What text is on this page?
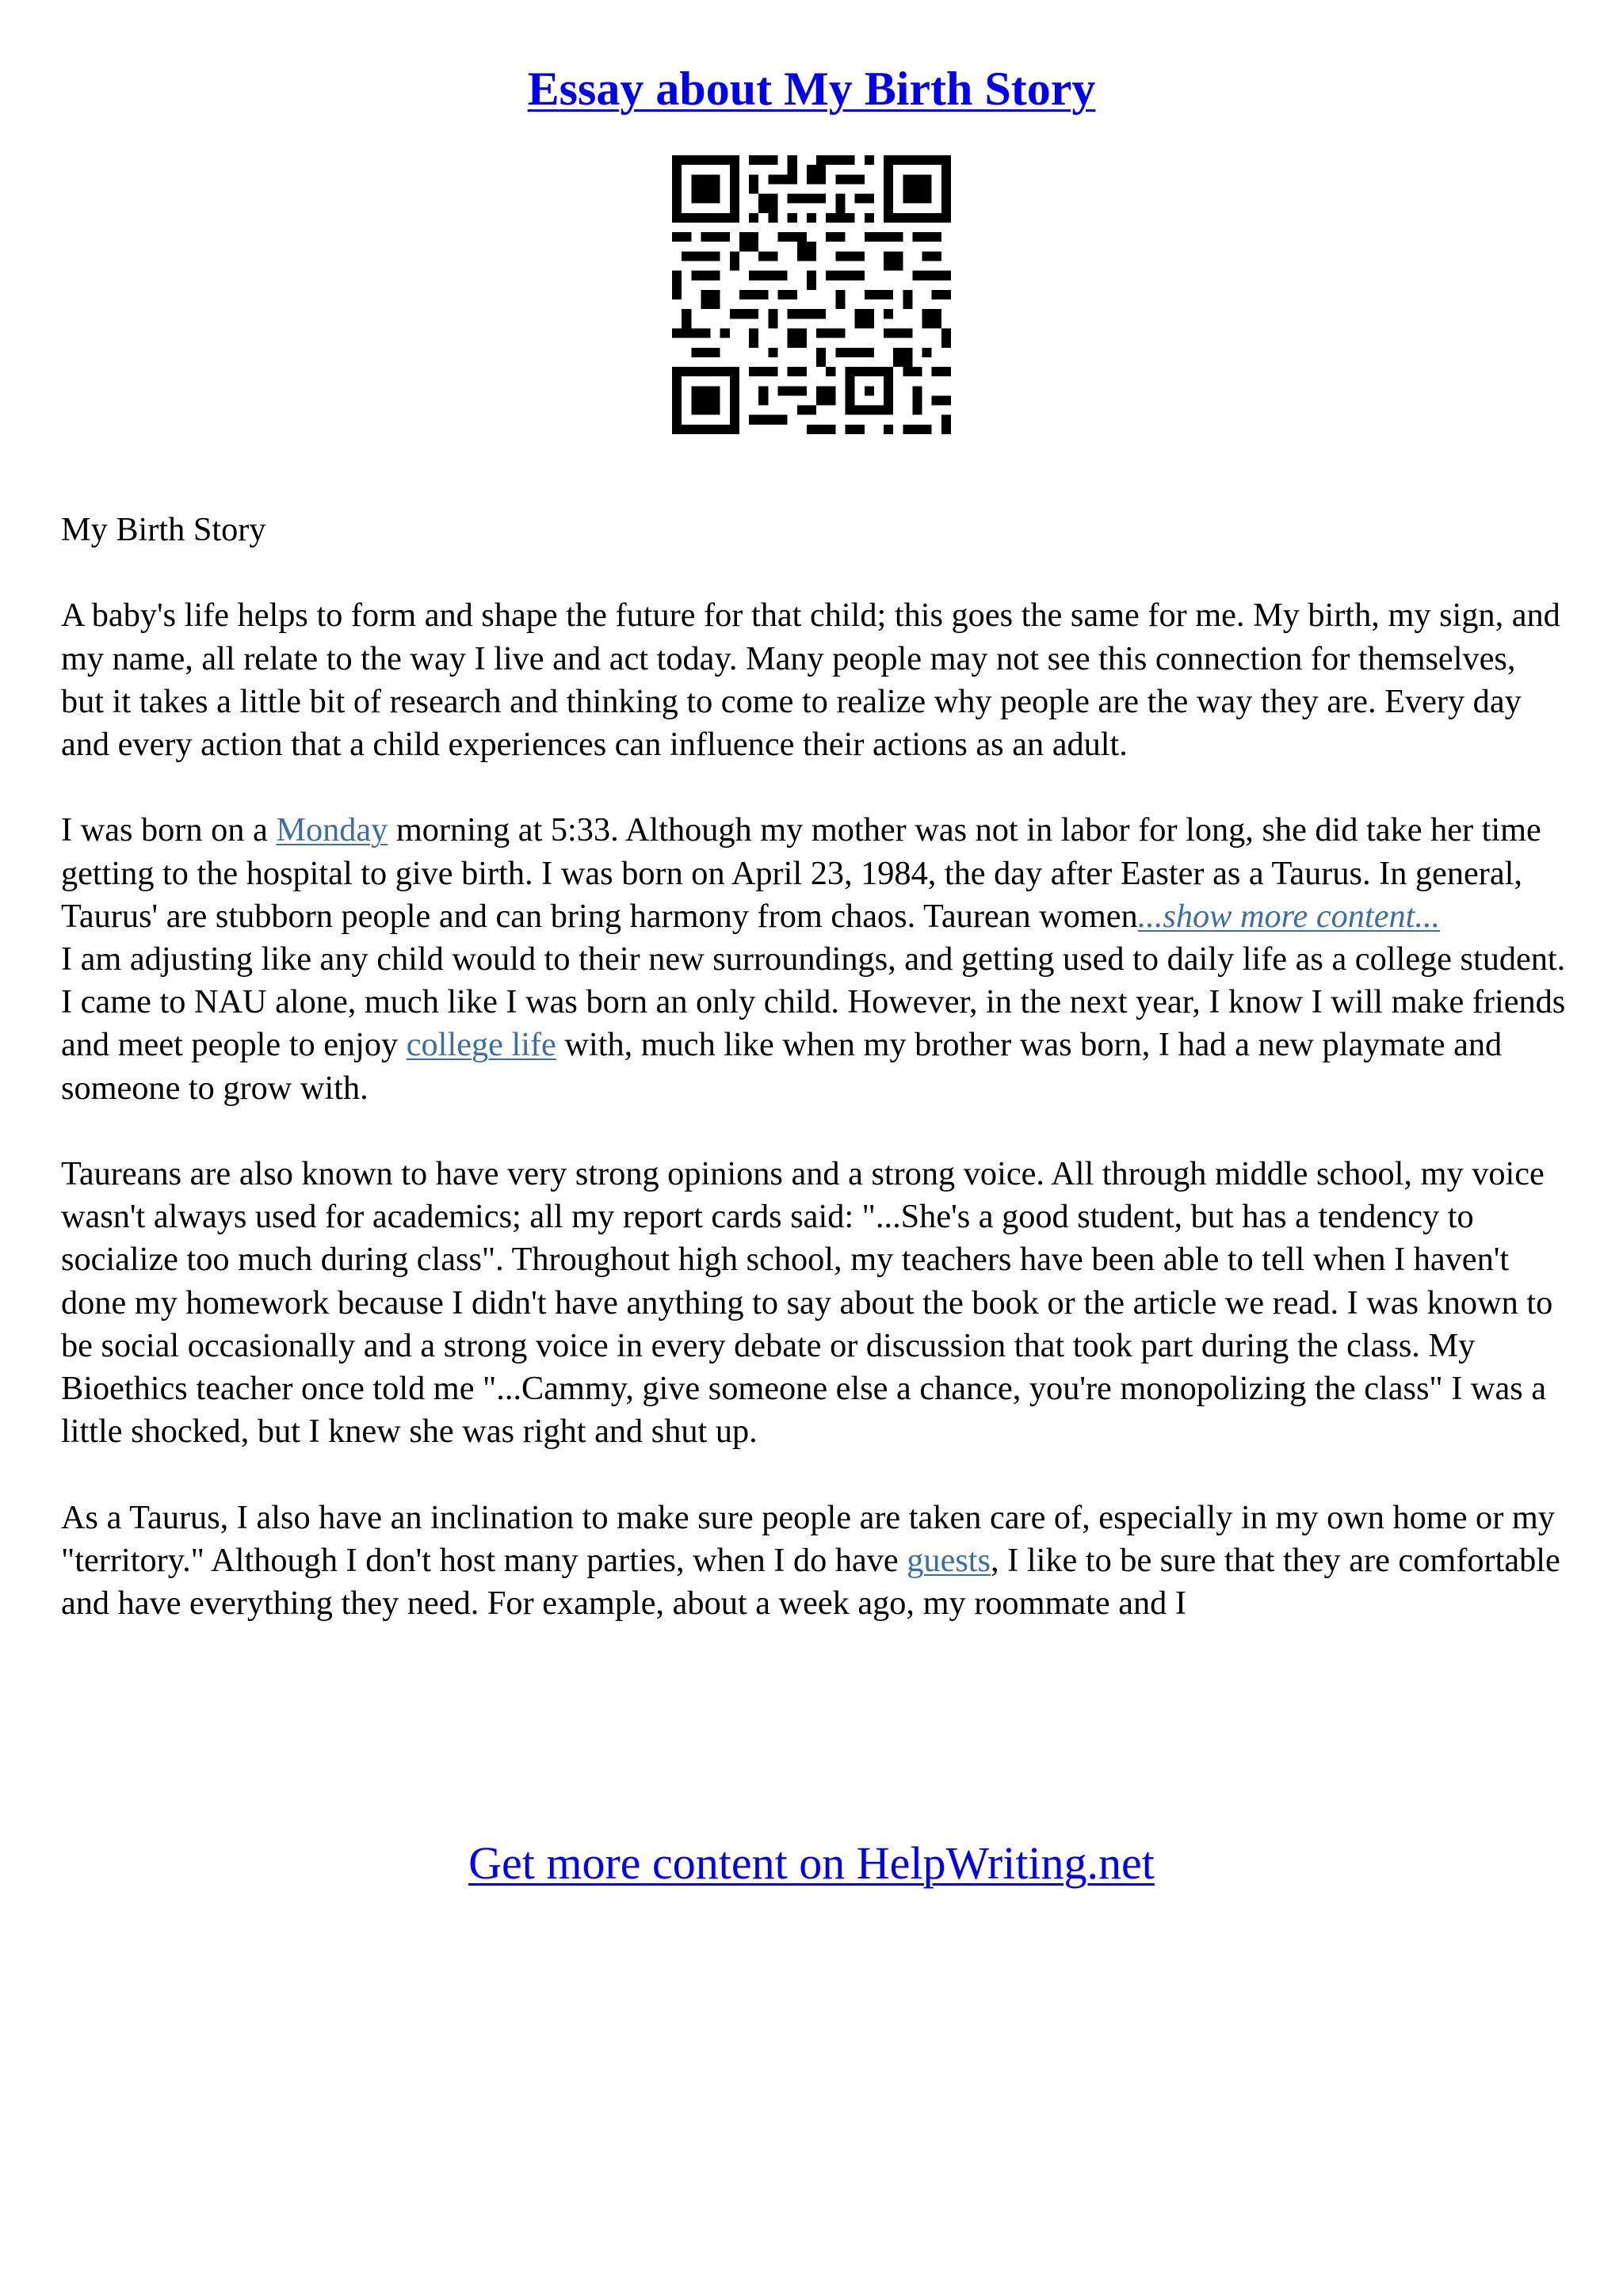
Essay about My Birth Story

My Birth Story

A baby's life helps to form and shape the future for that child; this goes the same for me. My birth, my sign, and my name, all relate to the way I live and act today. Many people may not see this connection for themselves, but it takes a little bit of research and thinking to come to realize why people are the way they are. Every day and every action that a child experiences can influence their actions as an adult.

I was born on a Monday morning at 5:33. Although my mother was not in labor for long, she did take her time getting to the hospital to give birth. I was born on April 23, 1984, the day after Easter as a Taurus. In general, Taurus' are stubborn people and can bring harmony from chaos. Taurean women...show more content...

I am adjusting like any child would to their new surroundings, and getting used to daily life as a college student. I came to NAU alone, much like I was born an only child. However, in the next year, I know I will make friends and meet people to enjoy college life with, much like when my brother was born, I had a new playmate and someone to grow with.

Taureans are also known to have very strong opinions and a strong voice. All through middle school, my voice wasn't always used for academics; all my report cards said: "...She's a good student, but has a tendency to socialize too much during class". Throughout high school, my teachers have been able to tell when I haven't done my homework because I didn't have anything to say about the book or the article we read. I was known to be social occasionally and a strong voice in every debate or discussion that took part during the class. My Bioethics teacher once told me "...Cammy, give someone else a chance, you're monopolizing the class" I was a little shocked, but I knew she was right and shut up.

As a Taurus, I also have an inclination to make sure people are taken care of, especially in my own home or my "territory." Although I don't host many parties, when I do have guests, I like to be sure that they are comfortable and have everything they need. For example, about a week ago, my roommate and I

Get more content on HelpWriting.net
